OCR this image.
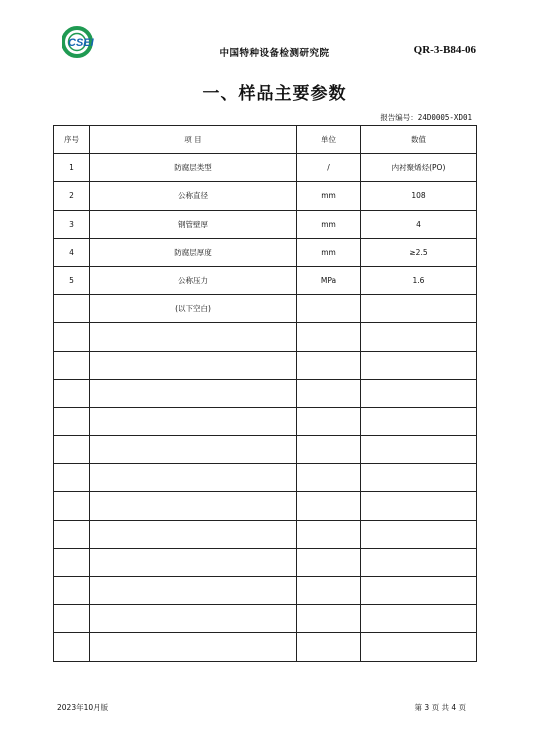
CSEI
中国特种设备检测研究院	QR-3-B84-06
一、样品主要参数
报告编号：24D0005-XD01
序号	项 目	单位	数值
1	防腐层类型	/	内衬聚烯烃(PO)
2	公称直径	mm	108
3	钢管壁厚	mm	4
4	防腐层厚度	mm	≥2.5
5	公称压力	MPa	1.6
	(以下空白)		

2023年10月版	第 3 页 共 4 页
